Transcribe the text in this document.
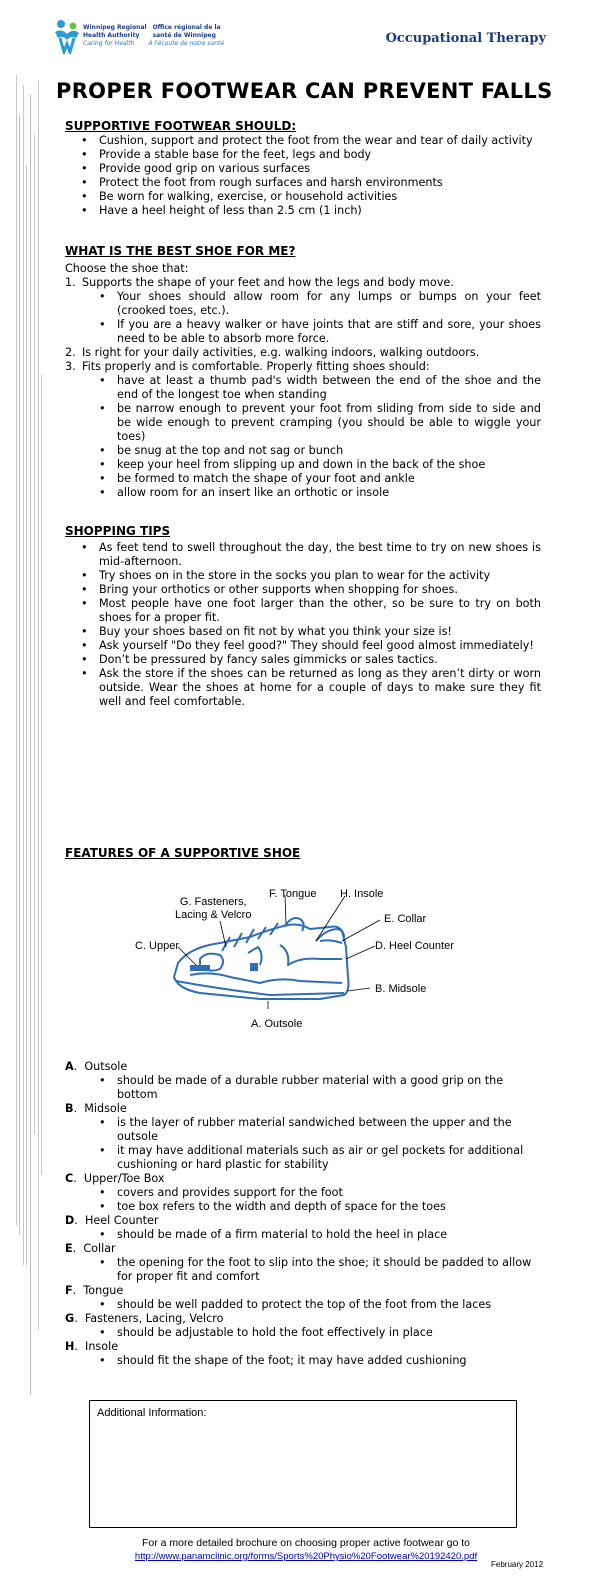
Winnipeg Regional
Health Authority
Office régional de la
santé de Winnipeg
Caring for Health À l'écoute de notre santé	Occupational Therapy
PROPER FOOTWEAR CAN PREVENT FALLS
SUPPORTIVE FOOTWEAR SHOULD:
• Cushion, support and protect the foot from the wear and tear of daily activity
• Provide a stable base for the feet, legs and body
• Provide good grip on various surfaces
• Protect the foot from rough surfaces and harsh environments
• Be worn for walking, exercise, or household activities
• Have a heel height of less than 2.5 cm (1 inch)
WHAT IS THE BEST SHOE FOR ME?
Choose the shoe that:
1. Supports the shape of your feet and how the legs and body move.
• Your shoes should allow room for any lumps or bumps on your feet (crooked toes, etc.).
• If you are a heavy walker or have joints that are stiff and sore, your shoes need to be able to absorb more force.
2. Is right for your daily activities, e.g. walking indoors, walking outdoors.
3. Fits properly and is comfortable. Properly fitting shoes should:
• have at least a thumb pad's width between the end of the shoe and the end of the longest toe when standing
• be narrow enough to prevent your foot from sliding from side to side and be wide enough to prevent cramping (you should be able to wiggle your toes)
• be snug at the top and not sag or bunch
• keep your heel from slipping up and down in the back of the shoe
• be formed to match the shape of your foot and ankle
• allow room for an insert like an orthotic or insole
SHOPPING TIPS
• As feet tend to swell throughout the day, the best time to try on new shoes is mid-afternoon.
• Try shoes on in the store in the socks you plan to wear for the activity
• Bring your orthotics or other supports when shopping for shoes.
• Most people have one foot larger than the other, so be sure to try on both shoes for a proper fit.
• Buy your shoes based on fit not by what you think your size is!
• Ask yourself "Do they feel good?" They should feel good almost immediately!
• Don’t be pressured by fancy sales gimmicks or sales tactics.
• Ask the store if the shoes can be returned as long as they aren’t dirty or worn outside. Wear the shoes at home for a couple of days to make sure they fit well and feel comfortable.
FEATURES OF A SUPPORTIVE SHOE
F. Tongue H. Insole
G. Fasteners,
Lacing & Velcro	E. Collar
C. Upper	D. Heel Counter
B. Midsole
A. Outsole
A.  Outsole
• should be made of a durable rubber material with a good grip on the bottom
B.  Midsole
• is the layer of rubber material sandwiched between the upper and the outsole
• it may have additional materials such as air or gel pockets for additional cushioning or hard plastic for stability
C.  Upper/Toe Box
• covers and provides support for the foot
• toe box refers to the width and depth of space for the toes
D.  Heel Counter
• should be made of a firm material to hold the heel in place
E.  Collar
• the opening for the foot to slip into the shoe; it should be padded to allow for proper fit and comfort
F.  Tongue
• should be well padded to protect the top of the foot from the laces
G.  Fasteners, Lacing, Velcro
• should be adjustable to hold the foot effectively in place
H.  Insole
• should fit the shape of the foot; it may have added cushioning
Additional Information:
For a more detailed brochure on choosing proper active footwear go to
http://www.panamclinic.org/forms/Sports%20Physio%20Footwear%20192420.pdf
February 2012
